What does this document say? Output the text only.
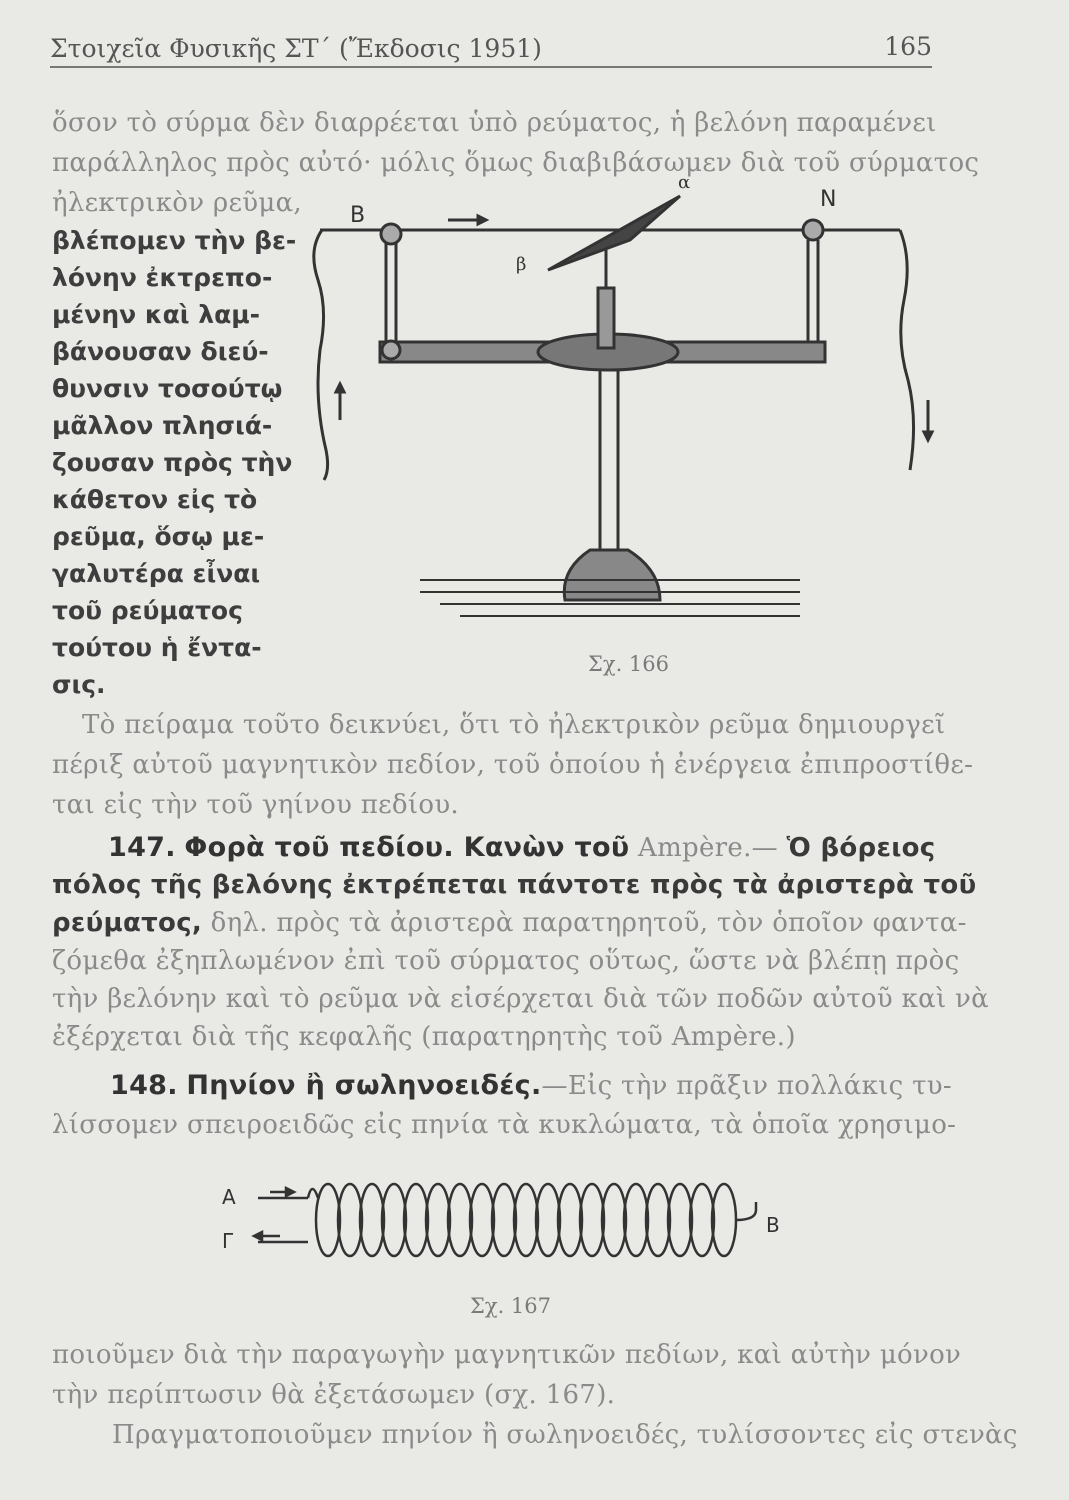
Στοιχεῖα Φυσικῆς ΣΤ΄ (Ἔκδοσις 1951)	165
ὅσον τὸ σύρμα δὲν διαρρέεται ὑπὸ ρεύματος, ἡ βελόνη παραμένει
παράλληλος πρὸς αὐτό· μόλις ὅμως διαβιβάσωμεν διὰ τοῦ σύρματος
ἠλεκτρικὸν ρεῦμα,
βλέπομεν τὴν βε-
λόνην ἐκτρεπο-
μένην καὶ λαμ-
βάνουσαν διεύ-
θυνσιν τοσούτῳ
μᾶλλον πλησιά-
ζουσαν πρὸς τὴν
κάθετον εἰς τὸ
ρεῦμα, ὅσῳ με-
γαλυτέρα εἶναι
τοῦ ρεύματος
τούτου ἡ ἔντα-
σις.
B
N
α
β
Σχ. 166
Τὸ πείραμα τοῦτο δεικνύει, ὅτι τὸ ἠλεκτρικὸν ρεῦμα δημιουργεῖ
πέριξ αὐτοῦ μαγνητικὸν πεδίον, τοῦ ὁποίου ἡ ἐνέργεια ἐπιπροστίθε-
ται εἰς τὴν τοῦ γηίνου πεδίου.
147. Φορὰ τοῦ πεδίου. Κανὼν τοῦ Ampère.— Ὁ βόρειος
πόλος τῆς βελόνης ἐκτρέπεται πάντοτε πρὸς τὰ ἀριστερὰ τοῦ
ρεύματος, δηλ. πρὸς τὰ ἀριστερὰ παρατηρητοῦ, τὸν ὁποῖον φαντα-
ζόμεθα ἐξηπλωμένον ἐπὶ τοῦ σύρματος οὕτως, ὥστε νὰ βλέπῃ πρὸς
τὴν βελόνην καὶ τὸ ρεῦμα νὰ εἰσέρχεται διὰ τῶν ποδῶν αὐτοῦ καὶ νὰ
ἐξέρχεται διὰ τῆς κεφαλῆς (παρατηρητὴς τοῦ Ampère.)
148. Πηνίον ἢ σωληνοειδές.—Εἰς τὴν πρᾶξιν πολλάκις τυ-
λίσσομεν σπειροειδῶς εἰς πηνία τὰ κυκλώματα, τὰ ὁποῖα χρησιμο-
A
Γ
B
Σχ. 167
ποιοῦμεν διὰ τὴν παραγωγὴν μαγνητικῶν πεδίων, καὶ αὐτὴν μόνον
τὴν περίπτωσιν θὰ ἐξετάσωμεν (σχ. 167).
Πραγματοποιοῦμεν πηνίον ἢ σωληνοειδές, τυλίσσοντες εἰς στενὰς
